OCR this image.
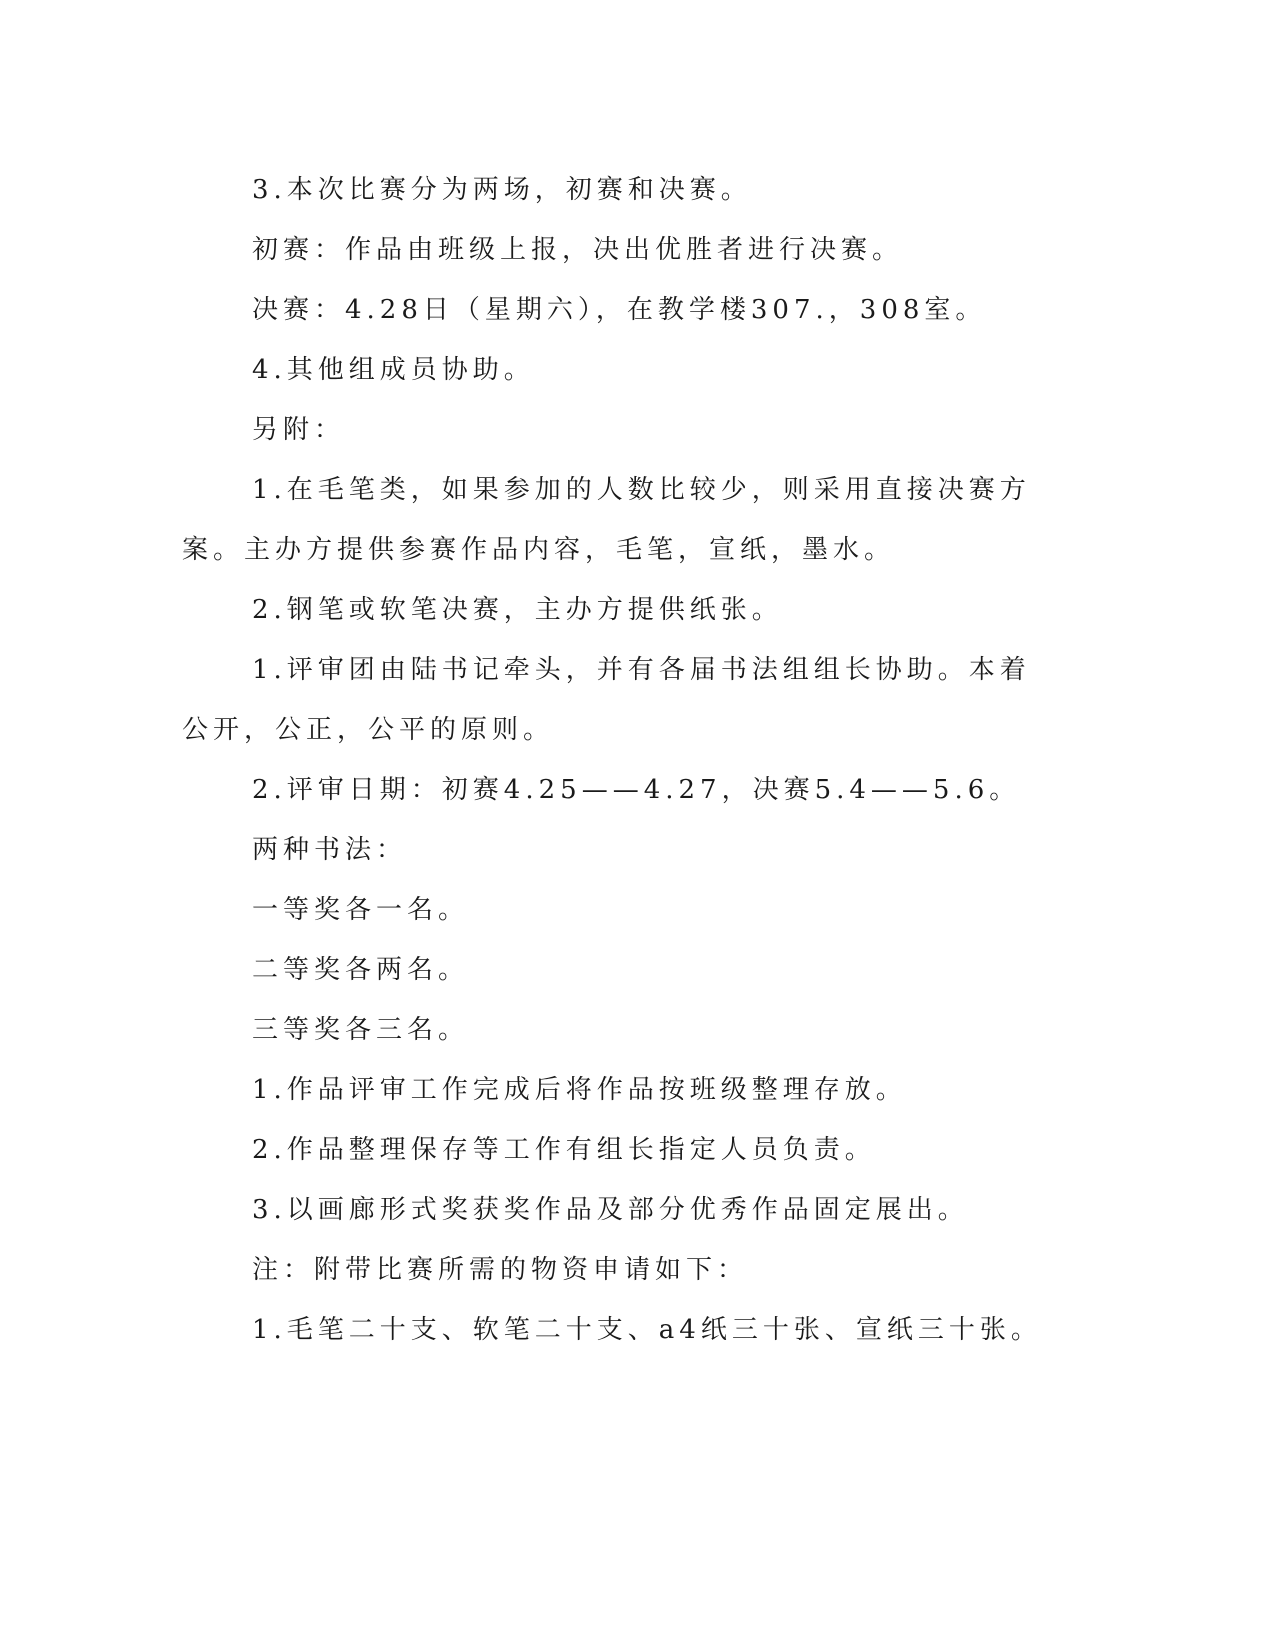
3.本次比赛分为两场，初赛和决赛。

初赛：作品由班级上报，决出优胜者进行决赛。

决赛：4.28日（星期六），在教学楼307.，308室。

4.其他组成员协助。

另附：

1.在毛笔类，如果参加的人数比较少，则采用直接决赛方案。主办方提供参赛作品内容，毛笔，宣纸，墨水。

2.钢笔或软笔决赛，主办方提供纸张。

1.评审团由陆书记牵头，并有各届书法组组长协助。本着公开，公正，公平的原则。

2.评审日期：初赛4.25——4.27，决赛5.4——5.6。

两种书法：

一等奖各一名。

二等奖各两名。

三等奖各三名。

1.作品评审工作完成后将作品按班级整理存放。

2.作品整理保存等工作有组长指定人员负责。

3.以画廊形式奖获奖作品及部分优秀作品固定展出。

注：附带比赛所需的物资申请如下：

1.毛笔二十支、软笔二十支、a4纸三十张、宣纸三十张。
